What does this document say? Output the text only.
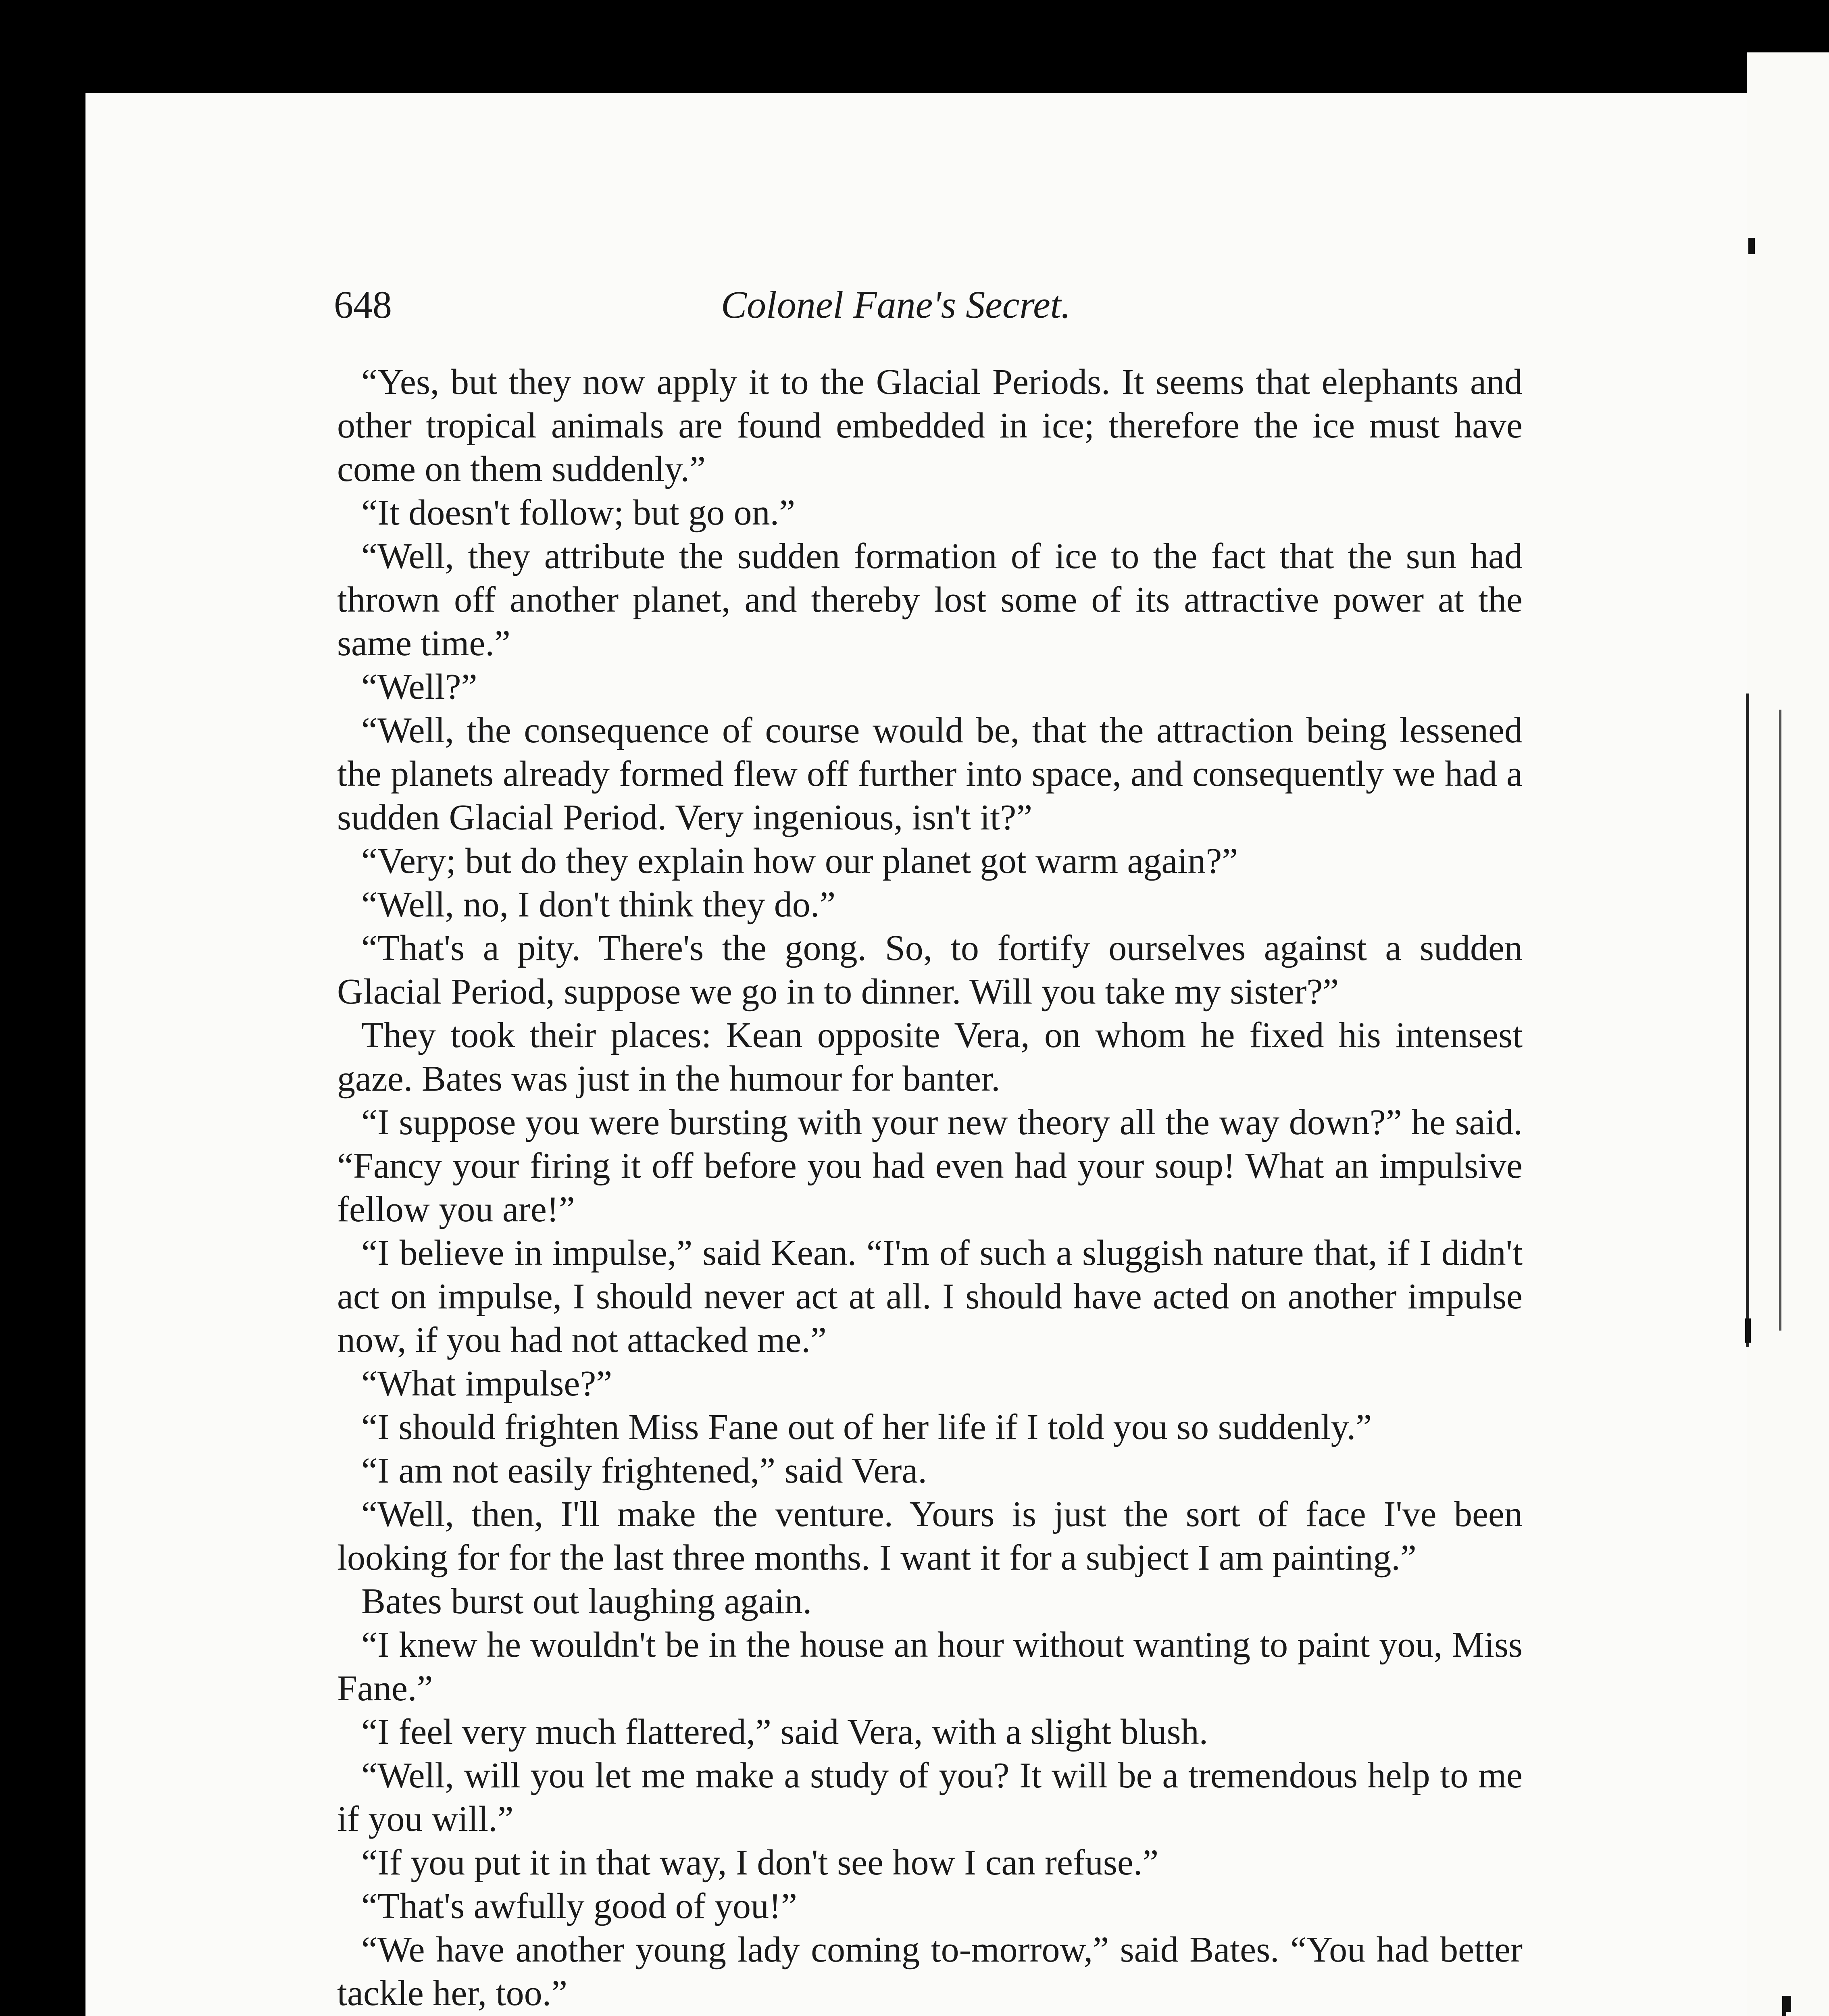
648	Colonel Fane's Secret.

“Yes, but they now apply it to the Glacial Periods. It seems that elephants and other tropical animals are found embedded in ice; therefore the ice must have come on them suddenly.”

“It doesn't follow; but go on.”

“Well, they attribute the sudden formation of ice to the fact that the sun had thrown off another planet, and thereby lost some of its attractive power at the same time.”

“Well?”

“Well, the consequence of course would be, that the attraction being lessened the planets already formed flew off further into space, and consequently we had a sudden Glacial Period. Very ingenious, isn't it?”

“Very; but do they explain how our planet got warm again?”

“Well, no, I don't think they do.”

“That's a pity. There's the gong. So, to fortify ourselves against a sudden Glacial Period, suppose we go in to dinner. Will you take my sister?”

They took their places: Kean opposite Vera, on whom he fixed his intensest gaze. Bates was just in the humour for banter.

“I suppose you were bursting with your new theory all the way down?” he said. “Fancy your firing it off before you had even had your soup! What an impulsive fellow you are!”

“I believe in impulse,” said Kean. “I'm of such a sluggish nature that, if I didn't act on impulse, I should never act at all. I should have acted on another impulse now, if you had not attacked me.”

“What impulse?”

“I should frighten Miss Fane out of her life if I told you so suddenly.”

“I am not easily frightened,” said Vera.

“Well, then, I'll make the venture. Yours is just the sort of face I've been looking for for the last three months. I want it for a subject I am painting.”

Bates burst out laughing again.

“I knew he wouldn't be in the house an hour without wanting to paint you, Miss Fane.”

“I feel very much flattered,” said Vera, with a slight blush.

“Well, will you let me make a study of you? It will be a tremendous help to me if you will.”

“If you put it in that way, I don't see how I can refuse.”

“That's awfully good of you!”

“We have another young lady coming to-morrow,” said Bates. “You had better tackle her, too.”
